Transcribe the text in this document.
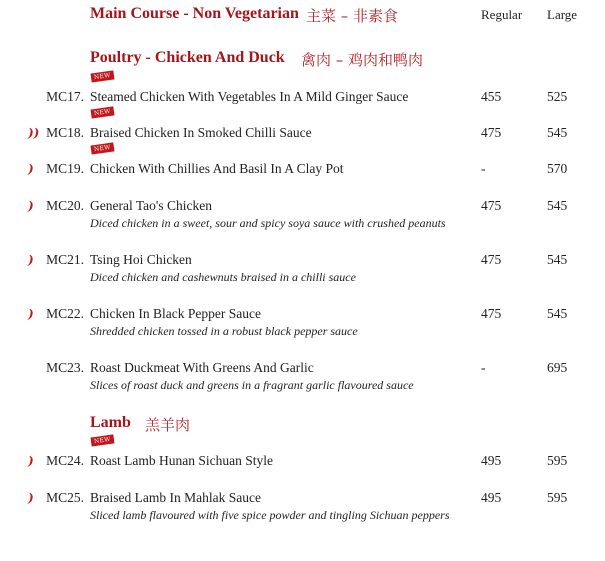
Main Course - Non Vegetarian 主菜 – 非素食	Regular Large
Poultry - Chicken And Duck 禽肉 – 鸡肉和鸭肉
Lamb 羔羊肉
NEW
MC17. Steamed Chicken With Vegetables In A Mild Ginger Sauce	455	525
NEW
)) MC18. Braised Chicken In Smoked Chilli Sauce	475	545
NEW
) MC19. Chicken With Chillies And Basil In A Clay Pot	-	570
) MC20. General Tao's Chicken
Diced chicken in a sweet, sour and spicy soya sauce with crushed peanuts
475	545
) MC21. Tsing Hoi Chicken
Diced chicken and cashewnuts braised in a chilli sauce
475	545
) MC22. Chicken In Black Pepper Sauce
Shredded chicken tossed in a robust black pepper sauce
475	545
MC23. Roast Duckmeat With Greens And Garlic
Slices of roast duck and greens in a fragrant garlic flavoured sauce
-	695
NEW
) MC24. Roast Lamb Hunan Sichuan Style	495	595
) MC25. Braised Lamb In Mahlak Sauce
Sliced lamb flavoured with five spice powder and tingling Sichuan peppers
495	595
